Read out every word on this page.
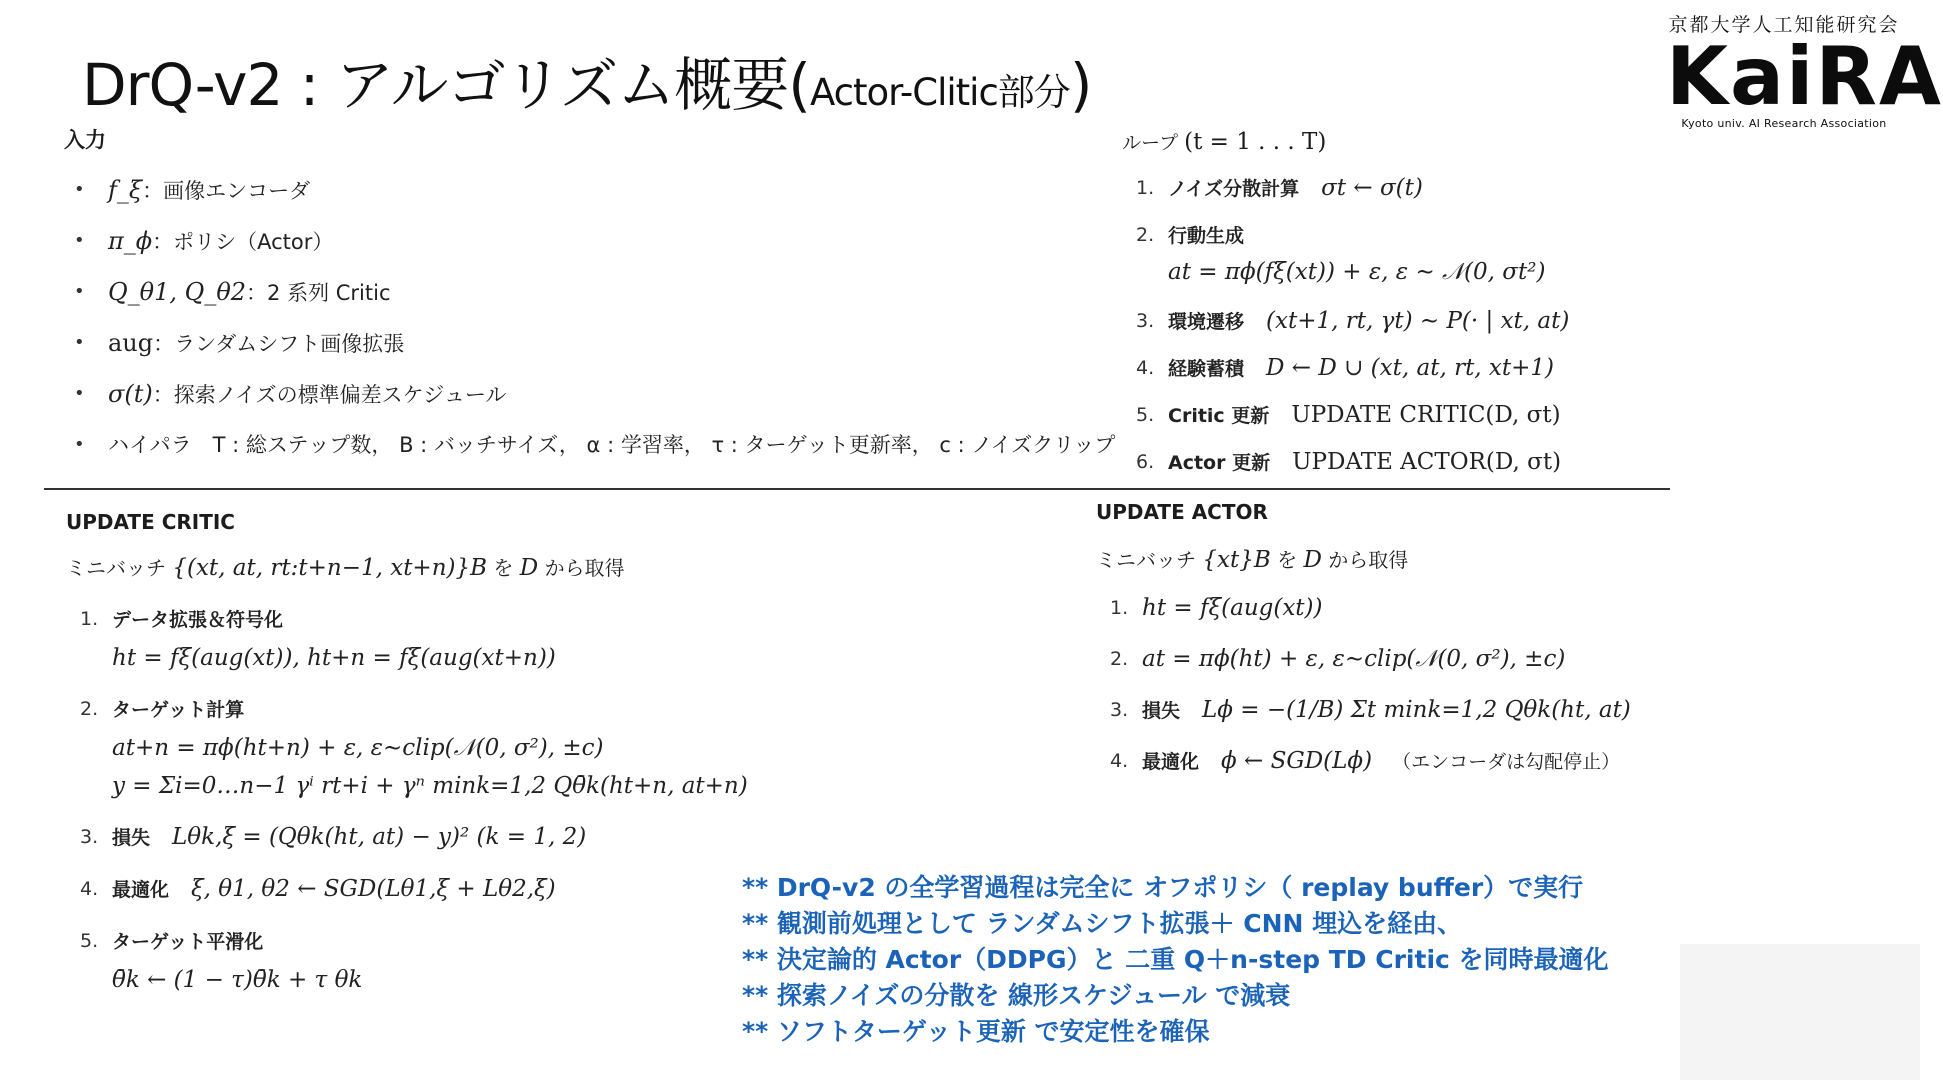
DrQ-v2 : アルゴリズム概要(Actor-Clitic部分)
京都大学人工知能研究会
KaiRA
Kyoto univ. AI Research Association
入力
• f_ξ：画像エンコーダ
• π_ϕ：ポリシ（Actor）
• Q_θ1, Q_θ2：2 系列 Critic
• aug：ランダムシフト画像拡張
• σ(t)：探索ノイズの標準偏差スケジュール
• ハイパラ　T : 総ステップ数， B : バッチサイズ， α : 学習率， τ : ターゲット更新率， c : ノイズクリップ
ループ (t = 1 . . . T)
1. ノイズ分散計算 σt ← σ(t)
2. 行動生成
at = πϕ(fξ(xt)) + ε, ε ∼ 𝒩(0, σt²)
3. 環境遷移 (xt+1, rt, γt) ∼ P(· | xt, at)
4. 経験蓄積 D ← D ∪ (xt, at, rt, xt+1)
5. Critic 更新 UPDATE CRITIC(D, σt)
6. Actor 更新 UPDATE ACTOR(D, σt)
UPDATE CRITIC
ミニバッチ {(xt, at, rt:t+n−1, xt+n)}B を D から取得
1. データ拡張＆符号化
ht = fξ(aug(xt)), ht+n = fξ(aug(xt+n))
2. ターゲット計算
at+n = πϕ(ht+n) + ε, ε∼clip(𝒩(0, σ²), ±c)
y = Σi=0…n−1 γⁱ rt+i + γⁿ mink=1,2 Qθ̄k(ht+n, at+n)
3. 損失 Lθk,ξ = (Qθk(ht, at) − y)² (k = 1, 2)
4. 最適化 ξ, θ1, θ2 ← SGD(Lθ1,ξ + Lθ2,ξ)
5. ターゲット平滑化
θ̄k ← (1 − τ)θ̄k + τ θk
UPDATE ACTOR
ミニバッチ {xt}B を D から取得
1. ht = fξ(aug(xt))
2. at = πϕ(ht) + ε, ε∼clip(𝒩(0, σ²), ±c)
3. 損失 Lϕ = −(1/B) Σt mink=1,2 Qθk(ht, at)
4. 最適化 ϕ ← SGD(Lϕ) （エンコーダは勾配停止）
** DrQ-v2 の全学習過程は完全に オフポリシ（ replay buffer）で実行
** 観測前処理として ランダムシフト拡張＋ CNN 埋込を経由、
** 決定論的 Actor（DDPG）と 二重 Q＋n-step TD Critic を同時最適化
** 探索ノイズの分散を 線形スケジュール で減衰
** ソフトターゲット更新 で安定性を確保
